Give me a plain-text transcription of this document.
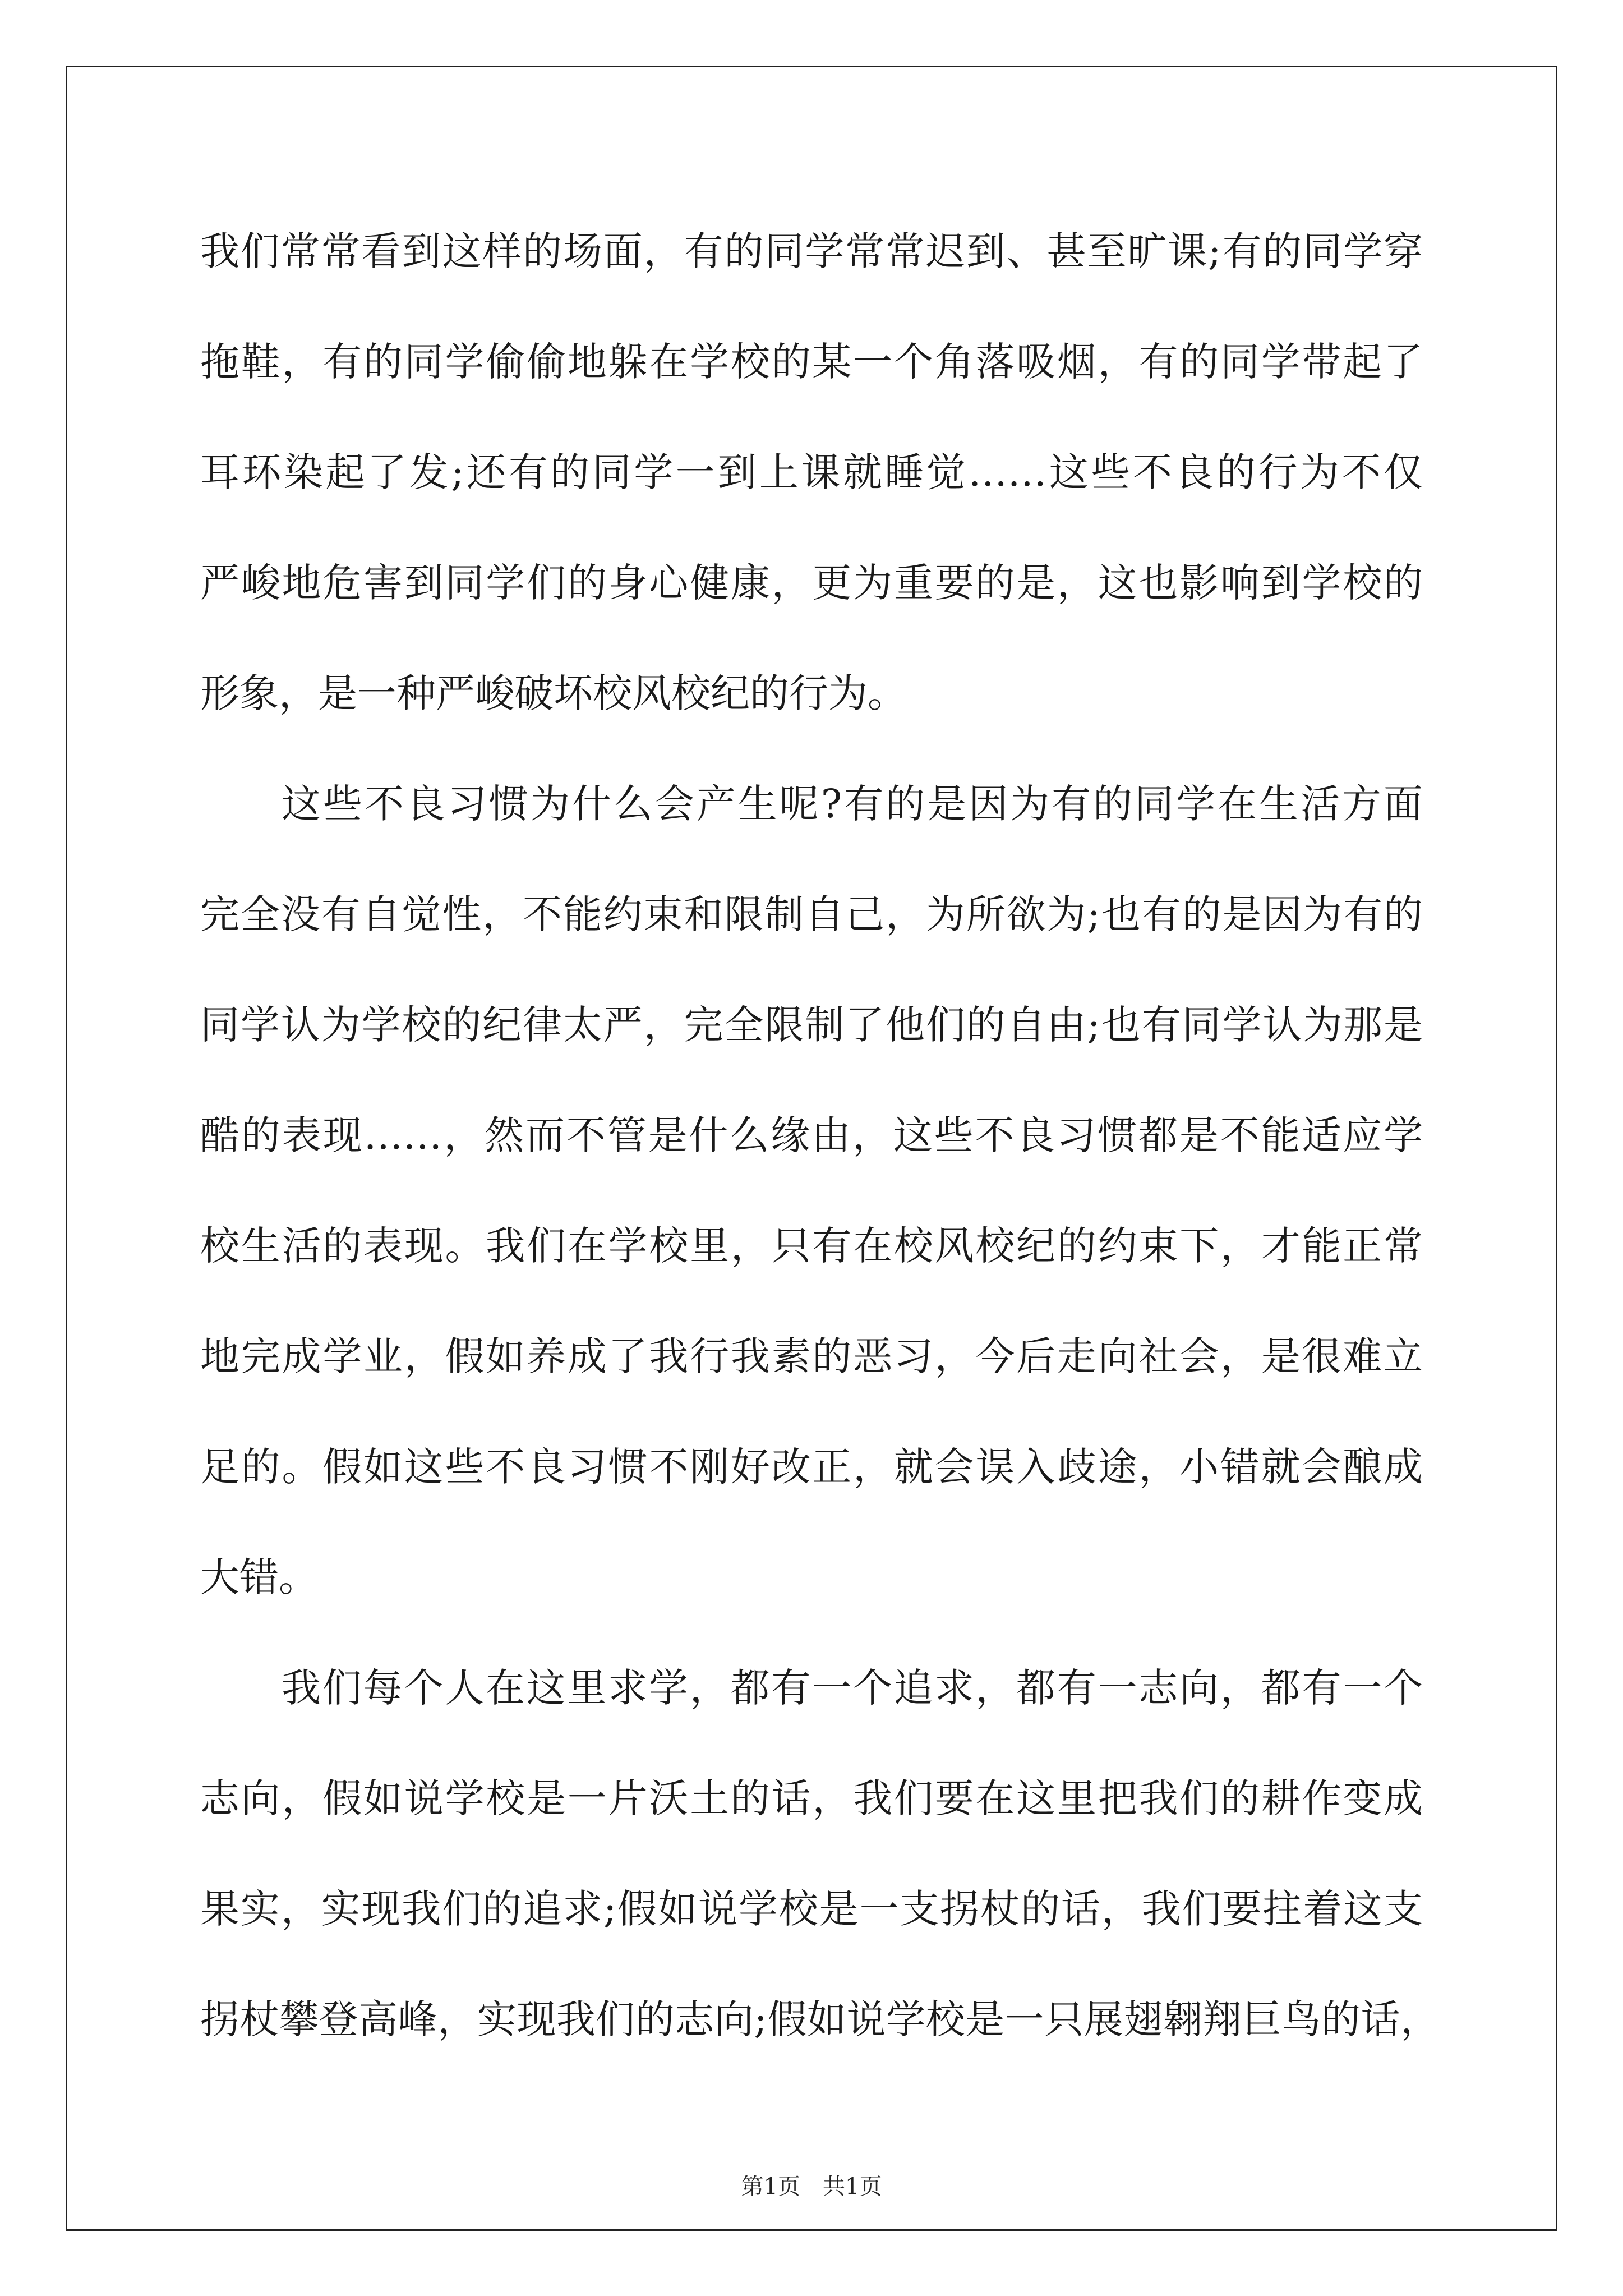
我们常常看到这样的场面，有的同学常常迟到、甚至旷课;有的同学穿
拖鞋，有的同学偷偷地躲在学校的某一个角落吸烟，有的同学带起了
耳环染起了发;还有的同学一到上课就睡觉……这些不良的行为不仅
严峻地危害到同学们的身心健康，更为重要的是，这也影响到学校的
形象，是一种严峻破坏校风校纪的行为。
这些不良习惯为什么会产生呢?有的是因为有的同学在生活方面
完全没有自觉性，不能约束和限制自己，为所欲为;也有的是因为有的
同学认为学校的纪律太严，完全限制了他们的自由;也有同学认为那是
酷的表现……，然而不管是什么缘由，这些不良习惯都是不能适应学
校生活的表现。我们在学校里，只有在校风校纪的约束下，才能正常
地完成学业，假如养成了我行我素的恶习，今后走向社会，是很难立
足的。假如这些不良习惯不刚好改正，就会误入歧途，小错就会酿成
大错。
我们每个人在这里求学，都有一个追求，都有一志向，都有一个
志向，假如说学校是一片沃土的话，我们要在这里把我们的耕作变成
果实，实现我们的追求;假如说学校是一支拐杖的话，我们要拄着这支
拐杖攀登高峰，实现我们的志向;假如说学校是一只展翅翱翔巨鸟的话，
第1页　共1页
